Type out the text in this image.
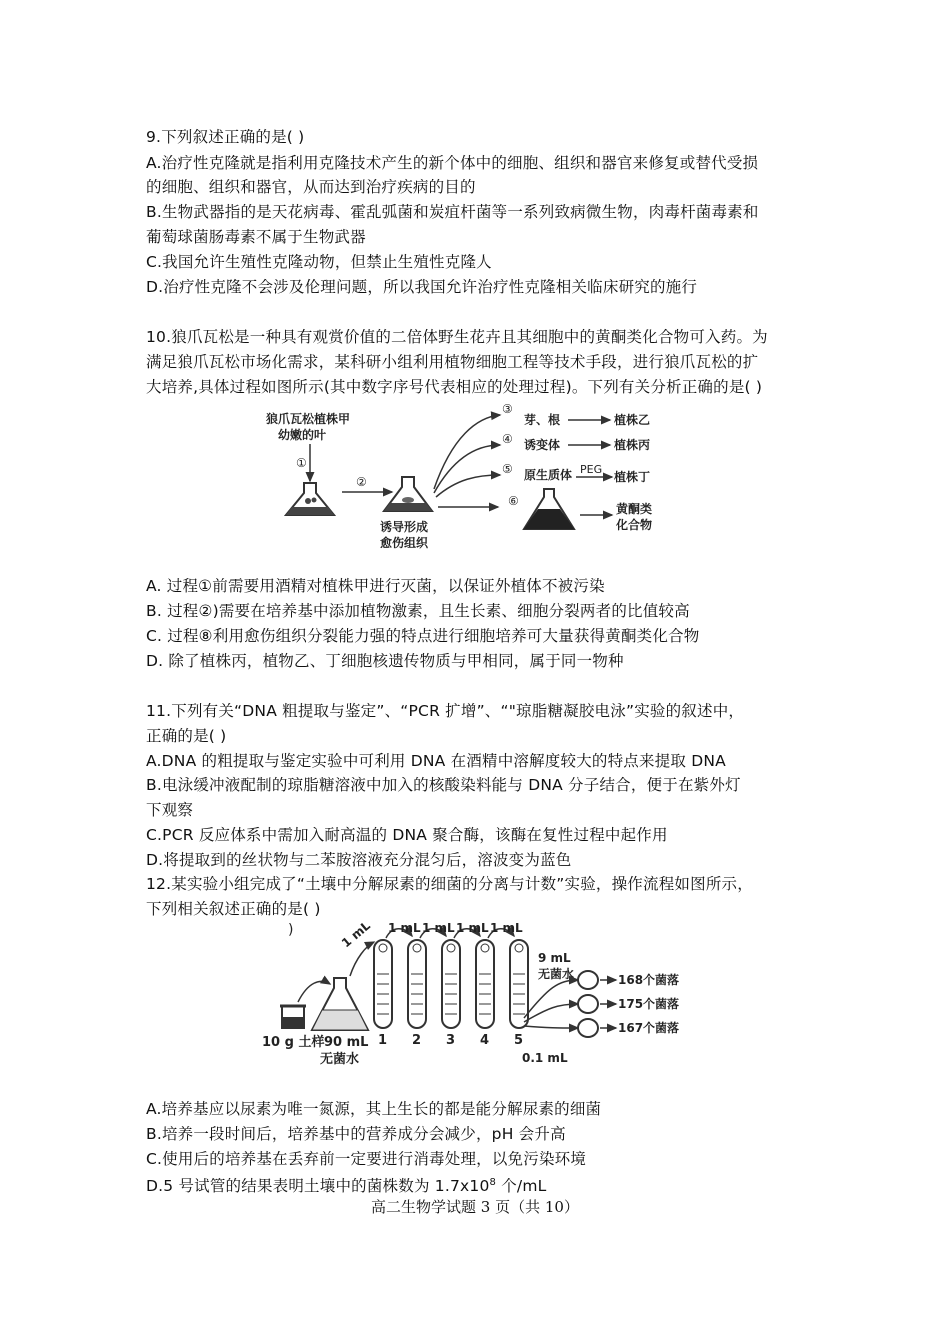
9.下列叙述正确的是( )
A.治疗性克隆就是指利用克隆技术产生的新个体中的细胞、组织和器官来修复或替代受损
的细胞、组织和器官，从而达到治疗疾病的目的
B.生物武器指的是天花病毒、霍乱弧菌和炭疽杆菌等一系列致病微生物，肉毒杆菌毒素和
葡萄球菌肠毒素不属于生物武器
C.我国允许生殖性克隆动物，但禁止生殖性克隆人
D.治疗性克隆不会涉及伦理问题，所以我国允许治疗性克隆相关临床研究的施行
10.狼爪瓦松是一种具有观赏价值的二倍体野生花卉且其细胞中的黄酮类化合物可入药。为
满足狼爪瓦松市场化需求，某科研小组利用植物细胞工程等技术手段，进行狼爪瓦松的扩
大培养,具体过程如图所示(其中数字序号代表相应的处理过程)。下列有关分析正确的是( )
狼爪瓦松植株甲
幼嫩的叶
①
②
诱导形成
愈伤组织
③
④
⑤
⑥
芽、根	植株乙
诱变体	植株丙
原生质体 PEG
植株丁
黄酮类
化合物
A. 过程①前需要用酒精对植株甲进行灭菌，以保证外植体不被污染
B. 过程②)需要在培养基中添加植物激素，且生长素、细胞分裂两者的比值较高
C. 过程⑧利用愈伤组织分裂能力强的特点进行细胞培养可大量获得黄酮类化合物
D. 除了植株丙，植物乙、丁细胞核遗传物质与甲相同，属于同一物种
11.下列有关“DNA 粗提取与鉴定”、“PCR 扩增”、“"琼脂糖凝胶电泳”实验的叙述中，
正确的是( )
A.DNA 的粗提取与鉴定实验中可利用 DNA 在酒精中溶解度较大的特点来提取 DNA
B.电泳缓冲液配制的琼脂糖溶液中加入的核酸染料能与 DNA 分子结合，便于在紫外灯
下观察
C.PCR 反应体系中需加入耐高温的 DNA 聚合酶，该酶在复性过程中起作用
D.将提取到的丝状物与二苯胺溶液充分混匀后，溶波变为蓝色
12.某实验小组完成了“土壤中分解尿素的细菌的分离与计数”实验，操作流程如图所示，
下列相关叙述正确的是( )
)	1 mL
10 g 土样 90 mL
无菌水
1 mL 1 mL 1 mL 1 mL
1 2 3 4 5
9 mL
无菌水
0.1 mL
168个菌落
175个菌落
167个菌落
A.培养基应以尿素为唯一氮源，其上生长的都是能分解尿素的细菌
B.培养一段时间后，培养基中的营养成分会减少，pH 会升高
C.使用后的培养基在丢弃前一定要进行消毒处理，以免污染环境
D.5 号试管的结果表明土壤中的菌株数为 $1.7x10^8$ 个/mL
高二生物学试题 3 页（共 10）
